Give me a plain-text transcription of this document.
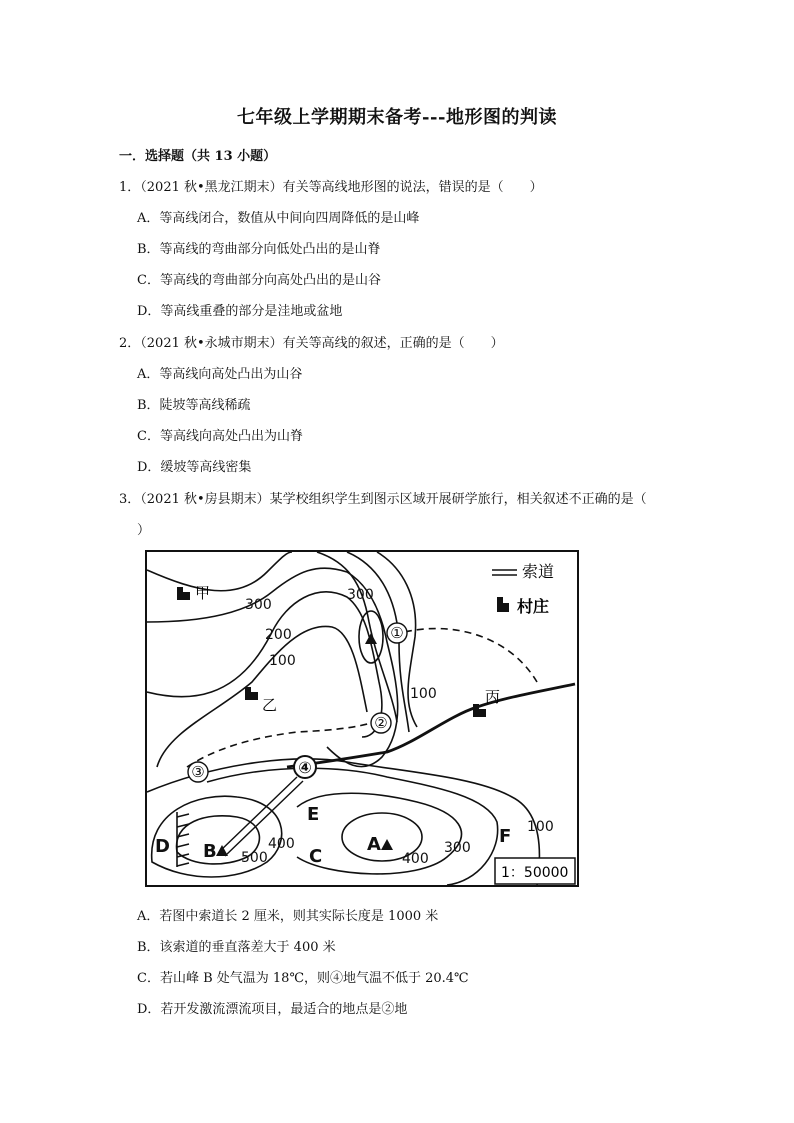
七年级上学期期末备考---地形图的判读
一．选择题（共 13 小题）
1．（2021 秋•黑龙江期末）有关等高线地形图的说法，错误的是（　　）
A．等高线闭合，数值从中间向四周降低的是山峰
B．等高线的弯曲部分向低处凸出的是山脊
C．等高线的弯曲部分向高处凸出的是山谷
D．等高线重叠的部分是洼地或盆地
2．（2021 秋•永城市期末）有关等高线的叙述，正确的是（　　）
A．等高线向高处凸出为山谷
B．陡坡等高线稀疏
C．等高线向高处凸出为山脊
D．缓坡等高线密集
3．（2021 秋•房县期末）某学校组织学生到图示区域开展研学旅行，相关叙述不正确的是（
）
1：50000
索道
村庄
甲
乙	丙
300
200
100
300
100
400
500	400
300
100
①
②
③	④
A
B	C
D
E
F
A．若图中索道长 2 厘米，则其实际长度是 1000 米
B．该索道的垂直落差大于 400 米
C．若山峰 B 处气温为 18℃，则④地气温不低于 20.4℃
D．若开发激流漂流项目，最适合的地点是②地
